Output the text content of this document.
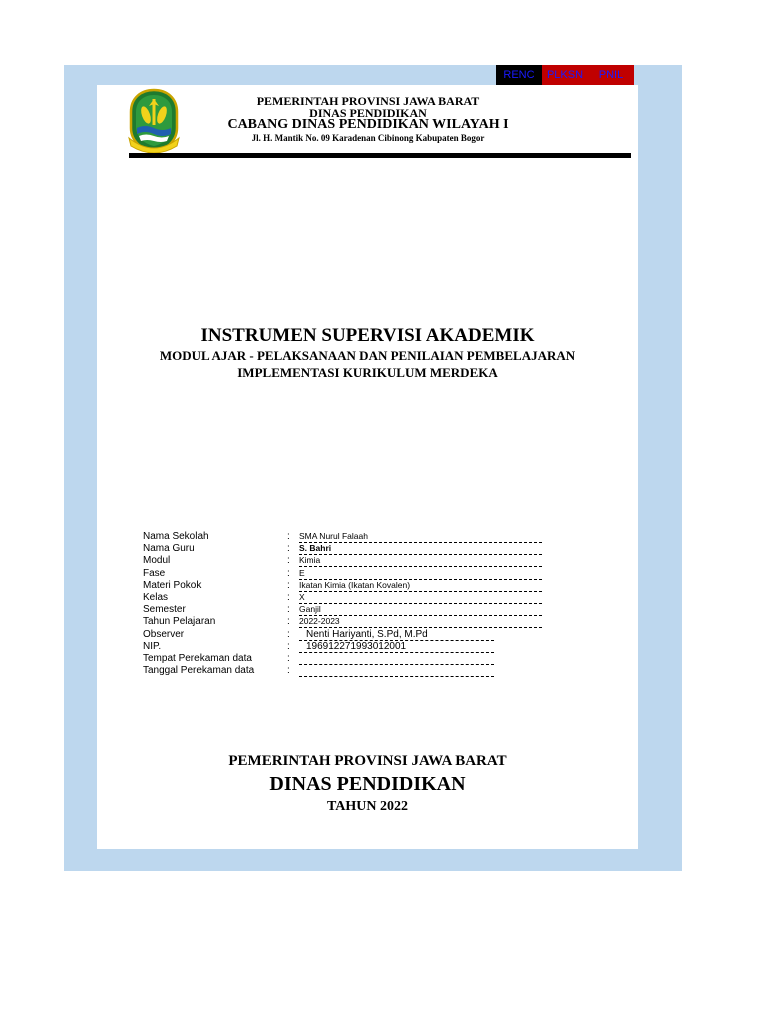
RENC	PLKSN	PNIL
PEMERINTAH PROVINSI JAWA BARAT
DINAS PENDIDIKAN
CABANG DINAS PENDIDIKAN WILAYAH I
Jl. H. Mantik No. 09 Karadenan Cibinong Kabupaten Bogor
INSTRUMEN SUPERVISI AKADEMIK
MODUL AJAR - PELAKSANAAN DAN PENILAIAN PEMBELAJARAN
IMPLEMENTASI KURIKULUM MERDEKA
Nama Sekolah	: SMA Nurul Falaah
Nama Guru	: S. Bahri
Modul	: Kimia
Fase	: E
Materi Pokok	: Ikatan Kimia (Ikatan Kovalen)
Kelas	: X
Semester	: Ganjil
Tahun Pelajaran	: 2022-2023
Observer	:	Nenti Hariyanti, S.Pd, M.Pd
NIP.	:	196912271993012001
Tempat Perekaman data	:
Tanggal Perekaman data	:
PEMERINTAH PROVINSI JAWA BARAT
DINAS PENDIDIKAN
TAHUN 2022
